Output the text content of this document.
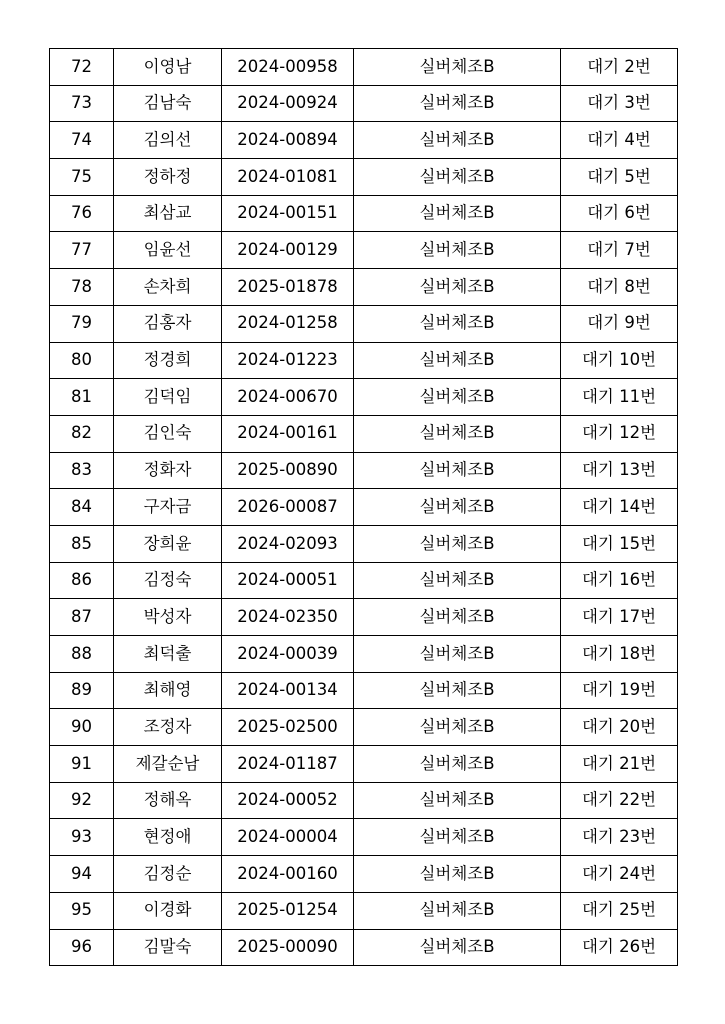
72	이영남	2024-00958	실버체조B	대기 2번
73	김남숙	2024-00924	실버체조B	대기 3번
74	김의선	2024-00894	실버체조B	대기 4번
75	정하정	2024-01081	실버체조B	대기 5번
76	최삼교	2024-00151	실버체조B	대기 6번
77	임윤선	2024-00129	실버체조B	대기 7번
78	손차희	2025-01878	실버체조B	대기 8번
79	김홍자	2024-01258	실버체조B	대기 9번
80	정경희	2024-01223	실버체조B	대기 10번
81	김덕임	2024-00670	실버체조B	대기 11번
82	김인숙	2024-00161	실버체조B	대기 12번
83	정화자	2025-00890	실버체조B	대기 13번
84	구자금	2026-00087	실버체조B	대기 14번
85	장희윤	2024-02093	실버체조B	대기 15번
86	김정숙	2024-00051	실버체조B	대기 16번
87	박성자	2024-02350	실버체조B	대기 17번
88	최덕출	2024-00039	실버체조B	대기 18번
89	최해영	2024-00134	실버체조B	대기 19번
90	조정자	2025-02500	실버체조B	대기 20번
91	제갈순남	2024-01187	실버체조B	대기 21번
92	정해옥	2024-00052	실버체조B	대기 22번
93	현정애	2024-00004	실버체조B	대기 23번
94	김정순	2024-00160	실버체조B	대기 24번
95	이경화	2025-01254	실버체조B	대기 25번
96	김말숙	2025-00090	실버체조B	대기 26번
